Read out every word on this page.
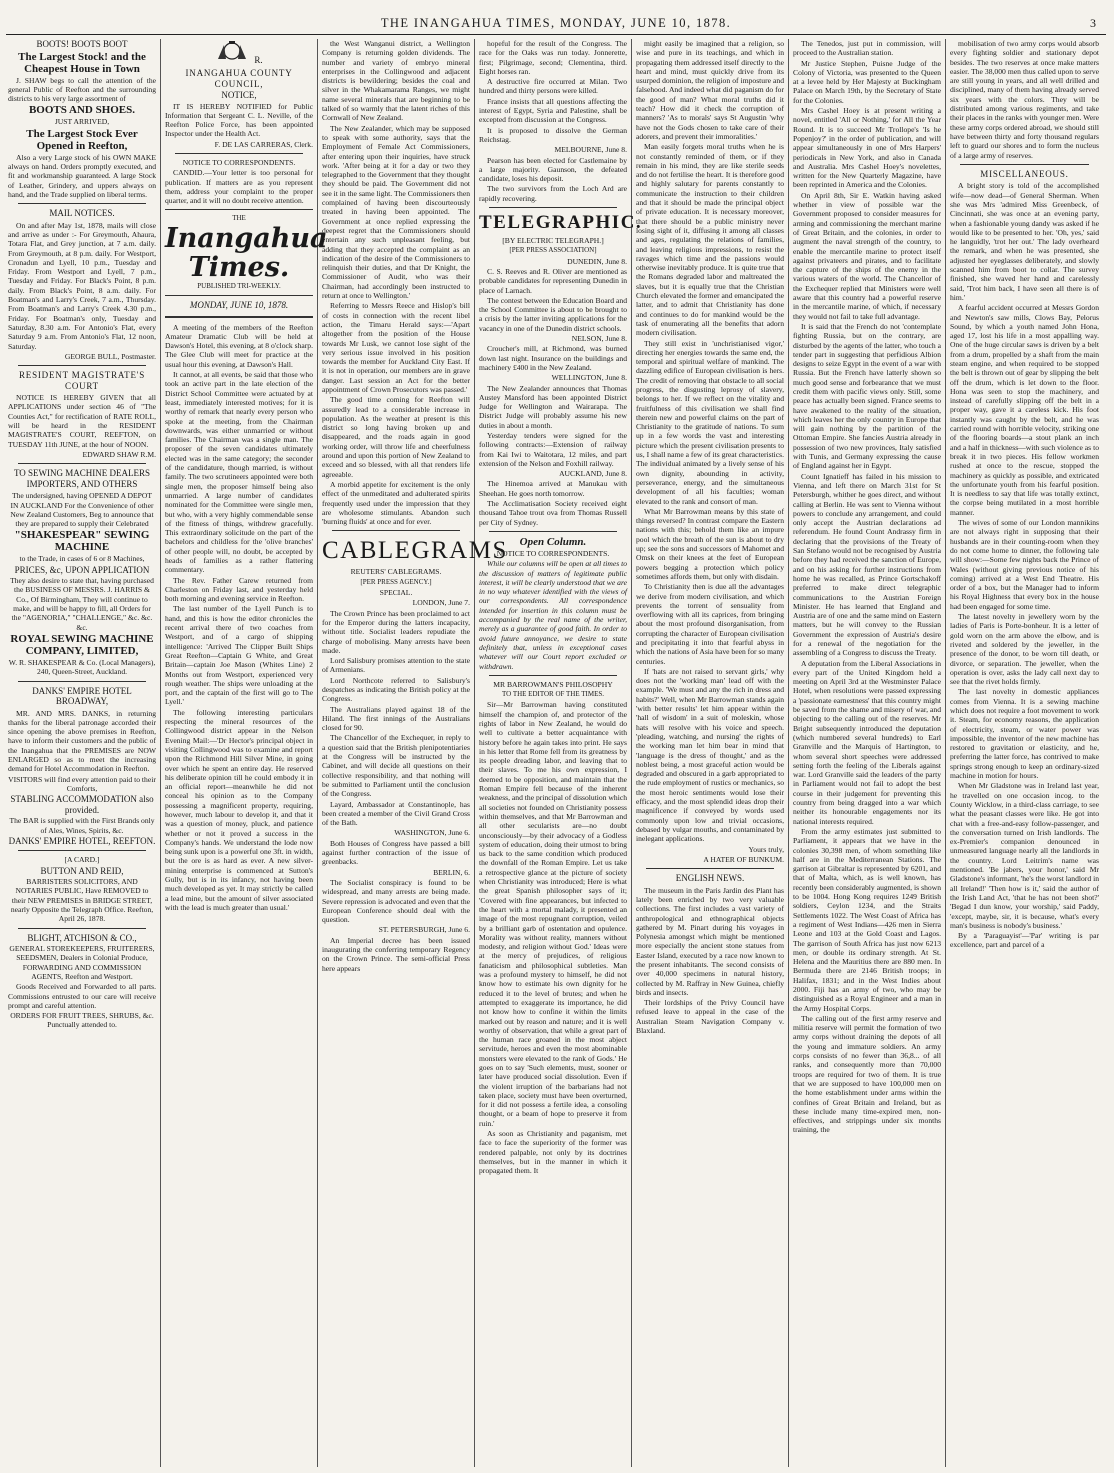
THE INANGAHUA TIMES, MONDAY, JUNE 10, 1878.	3

BOOTS! BOOTS BOOT

The Largest Stock! and the Cheapest House in Town

J. SHAW begs to call the attention of the general Public of Reefton and the surrounding districts to his very large assortment of

BOOTS AND SHOES.

JUST ARRIVED,

The Largest Stock Ever Opened in Reefton,

Also a very Large stock of his OWN MAKE always on hand. Orders promptly executed, and fit and workmanship guaranteed. A large Stock of Leather, Grindery, and uppers always on hand, and the Trade supplied on liberal terms.

MAIL NOTICES.

On and after May 1st, 1878, mails will close and arrive as under :- For Greymouth, Ahaura, Totara Flat, and Grey junction, at 7 a.m. daily. From Greymouth, at 8 p.m. daily. For Westport, Cronadun and Lyell, 10 p.m., Tuesday and Friday. From Westport and Lyell, 7 p.m., Tuesday and Friday. For Black's Point, 8 p.m. daily. From Black's Point, 8 a.m. daily. For Boatman's and Larry's Creek, 7 a.m., Thursday. From Boatman's and Larry's Creek 4.30 p.m., Friday. For Boatman's only, Tuesday and Saturday, 8.30 a.m. For Antonio's Flat, every Saturday 9 a.m. From Antonio's Flat, 12 noon, Saturday.

GEORGE BULL, Postmaster.

RESIDENT MAGISTRATE'S COURT

NOTICE IS HEREBY GIVEN that all APPLICATIONS under section 46 of "The Counties Act," for rectification of RATE ROLL, will be heard in the RESIDENT MAGISTRATE'S COURT, REEFTON, on TUESDAY 11th JUNE, at the hour of NOON.

EDWARD SHAW R.M.

TO SEWING MACHINE DEALERS IMPORTERS, AND OTHERS

The undersigned, having OPENED A DEPOT IN AUCKLAND For the Convenience of other New Zealand Customers, Beg to announce that they are prepared to supply their Celebrated

"SHAKESPEAR" SEWING MACHINE

to the Trade, in cases of 6 or 8 Machines,

PRICES, &c, UPON APPLICATION

They also desire to state that, having purchased the BUSINESS OF MESSRS. J. HARRIS & Co., Of Birmingham, They will continue to make, and will be happy to fill, all Orders for the "AGENORIA," "CHALLENGE," &c. &c. &c.

ROYAL SEWING MACHINE COMPANY, LIMITED,

W. R. SHAKESPEAR & Co. (Local Managers), 240, Queen-Street, Auckland.

DANKS' EMPIRE HOTEL BROADWAY,

MR. AND MRS. DANKS, in returning thanks for the liberal patronage accorded their since opening the above premises in Reefton, have to inform their customers and the public of the Inangahua that the PREMISES are NOW ENLARGED so as to meet the increasing demand for Hotel Accommodation in Reefton.

VISITORS will find every attention paid to their Comforts,

STABLING ACCOMMODATION also provided.

The BAR is supplied with the First Brands only of Ales, Wines, Spirits, &c.

DANKS' EMPIRE HOTEL, REEFTON.

[A CARD.]

BUTTON AND REID,

BARRISTERS SOLICITORS, AND NOTARIES PUBLIC, Have REMOVED to their NEW PREMISES in BRIDGE STREET, nearly Opposite the Telegraph Office. Reefton, April 26, 1878.

BLIGHT, ATCHISON & CO.,

GENERAL STOREKEEPERS, FRUITERERS, SEEDSMEN, Dealers in Colonial Produce, FORWARDING AND COMMISSION AGENTS, Reefton and Westport.

Goods Received and Forwarded to all parts. Commissions entrusted to our care will receive prompt and careful attention.

ORDERS FOR FRUIT TREES, SHRUBS, &c. Punctually attended to.

R.

INANGAHUA COUNTY COUNCIL,

NOTICE,

IT IS HEREBY NOTIFIED for Public Information that Sergeant C. L. Neville, of the Reefton Police Force, has been appointed Inspector under the Health Act.

F. DE LAS CARRERAS, Clerk.

NOTICE TO CORRESPONDENTS.

CANDID.—Your letter is too personal for publication. If matters are as you represent them, address your complaint to the proper quarter, and it will no doubt receive attention.

THE
Inangahua Times.
PUBLISHED TRI-WEEKLY.

MONDAY, JUNE 10, 1878.

A meeting of the members of the Reefton Amateur Dramatic Club will be held at Dawson's Hotel, this evening, at 8 o'clock sharp. The Glee Club will meet for practice at the usual hour this evening, at Dawson's Hall.

It cannot, at all events, be said that those who took an active part in the late election of the District School Committee were actuated by at least, immediately interested motives; for it is worthy of remark that nearly every person who spoke at the meeting, from the Chairman downwards, was either unmarried or without families. The Chairman was a single man. The proposer of the seven candidates ultimately elected was in the same category; the seconder of the candidature, though married, is without family. The two scrutineers appointed were both single men, the proposer himself being also unmarried. A large number of candidates nominated for the Committee were single men, but who, with a very highly commendable sense of the fitness of things, withdrew gracefully. This extraordinary solicitude on the part of the bachelors and childless for the 'olive branches' of other people will, no doubt, be accepted by heads of families as a rather flattering commentary.

The Rev. Father Carew returned from Charleston on Friday last, and yesterday held both morning and evening service in Reefton.

The last number of the Lyell Punch is to hand, and this is how the editor chronicles the recent arrival there of two coaches from Westport, and of a cargo of shipping intelligence: 'Arrived The Clipper Built Ships Great Reefton—Captain G White, and Great Britain—captain Joe Mason (Whites Line) 2 Months out from Westport, experienced very rough weather. The ships were unloading at the port, and the captain of the first will go to The Lyell.'

The following interesting particulars respecting the mineral resources of the Collingwood district appear in the Nelson Evening Mail:—'Dr Hector's principal object in visiting Collingwood was to examine and report upon the Richmond Hill Silver Mine, in going over which he spent an entire day. He reserved his deliberate opinion till he could embody it in an official report—meanwhile he did not conceal his opinion as to the Company possessing a magnificent property, requiring, however, much labour to develop it, and that it was a question of money, pluck, and patience whether or not it proved a success in the Company's hands. We understand the lode now being sunk upon is a powerful one 3ft. in width, but the ore is as hard as ever. A new silver-mining enterprise is commenced at Sutton's Gully, but is in its infancy, not having been much developed as yet. It may strictly be called a lead mine, but the amount of silver associated with the lead is much greater than usual.'

the West Wanganui district, a Wellington Company is returning golden dividends. The number and variety of embryo mineral enterprises in the Collingwood and adjacent districts is bewildering; besides the coal and silver in the Whakamarama Ranges, we might name several minerals that are beginning to be talked of so warmly that the latent riches of this Cornwall of New Zealand.

The New Zealander, which may be supposed to speak with some authority, says that the Employment of Female Act Commissioners, after entering upon their inquiries, have struck work. 'After being at it for a day or two they telegraphed to the Government that they thought they should be paid. The Government did not see it in the same light. The Commissioners then complained of having been discourteously treated in having been appointed. The Government at once replied expressing the deepest regret that the Commissioners should entertain any such unpleasant feeling, but adding that they accepted the complaint as an indication of the desire of the Commissioners to relinquish their duties, and that Dr Knight, the Commissioner of Audit, who was their Chairman, had accordingly been instructed to return at once to Wellington.'

Referring to Messrs Reece and Hislop's bill of costs in connection with the recent libel action, the Timaru Herald says:—'Apart altogether from the position of the House towards Mr Lusk, we cannot lose sight of the very serious issue involved in his position towards the member for Auckland City East. If it is not in operation, our members are in grave danger. Last session an Act for the better appointment of Crown Prosecutors was passed.'

The good time coming for Reefton will assuredly lead to a considerable increase in population. As the weather at present is this district so long having broken up and disappeared, and the roads again in good working order, will throw life and cheerfulness around and upon this portion of New Zealand to exceed and so blessed, with all that renders life agreeable.

A morbid appetite for excitement is the only effect of the unmeditated and adulterated spirits frequently used under the impression that they are wholesome stimulants. Abandon such 'burning fluids' at once and for ever.

CABLEGRAMS

REUTERS' CABLEGRAMS.

[PER PRESS AGENCY.]

SPECIAL.

LONDON, June 7.

The Crown Prince has been proclaimed to act for the Emperor during the latters incapacity, without title. Socialist leaders repudiate the charge of mobolising. Many arrests have been made.

Lord Salisbury promises attention to the state of Armenians.

Lord Northcote referred to Salisbury's despatches as indicating the British policy at the Congress.

The Australians played against 18 of the Hiland. The first innings of the Australians closed for 90.

The Chancellor of the Exchequer, in reply to a question said that the British plenipotentiaries at the Congress will be instructed by the Cabinet, and will decide all questions on their collective responsibility, and that nothing will be submitted to Parliament until the conclusion of the Congress.

Layard, Ambassador at Constantinople, has been created a member of the Civil Grand Cross of the Bath.

WASHINGTON, June 6.

Both Houses of Congress have passed a bill against further contraction of the issue of greenbacks.

BERLIN, 6.

The Socialist conspiracy is found to be widespread, and many arrests are being made. Severe repression is advocated and even that the European Conference should deal with the question.

ST. PETERSBURGH, June 6.

An Imperial decree has been issued inaugurating the conferring temporary Regency on the Crown Prince. The semi-official Press here appears

hopeful for the result of the Congress. The race for the Oaks was run today. Jonnerette, first; Pilgrimage, second; Clementina, third. Eight horses ran.

A destructive fire occurred at Milan. Two hundred and thirty persons were killed.

France insists that all questions affecting the interest of Egypt, Syria and Palestine, shall be excepted from discussion at the Congress.

It is proposed to dissolve the German Reichstag.

MELBOURNE, June 8.

Pearson has been elected for Castlemaine by a large majority. Gaunson, the defeated candidate, loses his deposit.

The two survivors from the Loch Ard are rapidly recovering.

TELEGRAPHIC.

[BY ELECTRIC TELEGRAPH.]

[PER PRESS ASSOCIATION]

DUNEDIN, June 8.

C. S. Reeves and R. Oliver are mentioned as probable candidates for representing Dunedin in place of Larnach.

The contest between the Education Board and the School Committee is about to be brought to a crisis by the latter inviting applications for the vacancy in one of the Dunedin district schools.

NELSON, June 8.

Croucher's mill, at Richmond, was burned down last night. Insurance on the buildings and machinery £400 in the New Zealand.

WELLINGTON, June 8.

The New Zealander announces that Thomas Austey Mansford has been appointed District Judge for Wellington and Wairarapa. The District Judge will probably assume his new duties in about a month.

Yesterday tenders were signed for the following contracts:—Extension of railway from Kai Iwi to Waitotara, 12 miles, and part extension of the Nelson and Foxhill railway.

AUCKLAND, June 8.

The Hinemoa arrived at Manukau with Sheehan. He goes north tomorrow.

The Acclimatisation Society received eight thousand Tahoe trout ova from Thomas Russell per City of Sydney.

Open Column.

NOTICE TO CORRESPONDENTS.

While our columns will be open at all times to the discussion of matters of legitimate public interest, it will be clearly understood that we are in no way whatever identified with the views of our correspondents. All correspondence intended for insertion in this column must be accompanied by the real name of the writer, merely as a guarantee of good faith. In order to avoid future annoyance, we desire to state definitely that, unless in exceptional cases whatever will our Court report excluded or withdrawn.

MR BARROWMAN'S PHILOSOPHY

TO THE EDITOR OF THE TIMES.

Sir—Mr Barrowman having constituted himself the champion of, and protector of the rights of labor in New Zealand, he would do well to cultivate a better acquaintance with history before he again takes into print. He says in his letter that Rome fell from its greatness by its people dreading labor, and leaving that to their slaves. To me his own expression, I deemed to be opposition, and maintain that the Roman Empire fell because of the inherent weakness, and the principal of dissolution which all societies not founded on Christianity possess within themselves, and that Mr Barrowman and all other secularists are—no doubt unconsciously—by their advocacy of a Godless system of education, doing their utmost to bring us back to the same condition which produced the downfall of the Roman Empire. Let us take a retrospective glance at the picture of society when Christianity was introduced; Here is what the great Spanish philosopher says of it; 'Covered with fine appearances, but infected to the heart with a mortal malady, it presented an image of the most repugnant corruption, veiled by a brilliant garb of ostentation and opulence. Morality was without reality, manners without modesty, and religion without God.' Ideas were at the mercy of prejudices, of religious fanaticism and philosophical subtleties. Man was a profound mystery to himself, he did not know how to estimate his own dignity for he reduced it to the level of brutes; and when he attempted to exaggerate its importance, he did not know how to confine it within the limits marked out by reason and nature; and it is well worthy of observation, that while a great part of the human race groaned in the most abject servitude, heroes and even the most abominable monsters were elevated to the rank of Gods.' He goes on to say 'Such elements, must, sooner or later have produced social dissolution. Even if the violent irruption of the barbarians had not taken place, society must have been overturned, for it did not possess a fertile idea, a consoling thought, or a beam of hope to preserve it from ruin.'

As soon as Christianity and paganism, met face to face the superiority of the former was rendered palpable, not only by its doctrines themselves, but in the manner in which it propagated them. It

might easily be imagined that a religion, so wise and pure in its teachings, and which in propagating them addressed itself directly to the heart and mind, must quickly drive from its usurped dominion, the religion of imposture and falsehood. And indeed what did paganism do for the good of man? What moral truths did it teach? How did it check the corruption of manners? 'As to morals' says St Augustin 'why have not the Gods chosen to take care of their adorers, and prevent their immoralities.'

Man easily forgets moral truths when he is not constantly reminded of them, or if they remain in his mind, they are like sterile seeds and do not fertilise the heart. It is therefore good and highly salutary for parents constantly to communicate the instruction to their children and that it should be made the principal object of private education. It is necessary moreover, that there should be a public ministry never losing sight of it, diffusing it among all classes and ages, regulating the relations of families, and leaving religious impressions, to resist the ravages which time and the passions would otherwise inevitably produce. It is quite true that the Romans degraded labor and maltreated the slaves, but it is equally true that the Christian Church elevated the former and emancipated the latter, and to admit that Christianity has done and continues to do for mankind would be the task of enumerating all the benefits that adorn modern civilisation.

They still exist in 'unchristianised vigor,' directing her energies towards the same end, the temporal and spiritual welfare of mankind. The dazzling edifice of European civilisation is hers. The credit of removing that obstacle to all social progress, the disgusting leprosy of slavery, belongs to her. If we reflect on the vitality and fruitfulness of this civilisation we shall find therein new and powerful claims on the part of Christianity to the gratitude of nations. To sum up in a few words the vast and interesting picture which the present civilisation presents to us, I shall name a few of its great characteristics. The individual animated by a lively sense of his own dignity, abounding in activity, perseverance, energy, and the simultaneous development of all his faculties; woman elevated to the rank and consort of man.

What Mr Barrowman means by this state of things reversed? In contrast compare the Eastern nations with this; behold them like an impure pool which the breath of the sun is about to dry up; see the sons and successors of Mahomet and Omsk on their knees at the feet of European powers begging a protection which policy sometimes affords them, but only with disdain.

To Christianity then is due all the advantages we derive from modern civilisation, and which prevents the torrent of sensuality from overflowing with all its caprices, from bringing about the most profound disorganisation, from corrupting the character of European civilisation and precipitating it into that fearful abyss in which the nations of Asia have been for so many centuries.

If 'hats are not raised to servant girls,' why does not the 'working man' lead off with the example. 'We must and any the rich in dress and habits?' Well, when Mr Barrowman stands again 'with better results' let him appear within the 'hall of wisdom' in a suit of moleskin, whose hats will resolve with his voice and speech. 'pleading, watching, and nursing' the rights of the working man let him bear in mind that 'language is the dress of thought,' and as the noblest being, a most graceful action would be degraded and obscured in a garb appropriated to the rude employment of rustics or mechanics, so the most heroic sentiments would lose their efficacy, and the most splendid ideas drop their magnificence if conveyed by words used commonly upon low and trivial occasions, debased by vulgar mouths, and contaminated by inelegant applications.

Yours truly,

A HATER OF BUNKUM.

ENGLISH NEWS.

The museum in the Paris Jardin des Plant has lately been enriched by two very valuable collections. The first includes a vast variety of anthropological and ethnographical objects gathered by M. Pinart during his voyages in Polynesia amongst which might be mentioned more especially the ancient stone statues from Easter Island, executed by a race now known to the present inhabitants. The second consists of over 40,000 specimens in natural history, collected by M. Raffray in New Guinea, chiefly birds and insects.

Their lordships of the Privy Council have refused leave to appeal in the case of the Australian Steam Navigation Company v. Blaxland.

The Tenedos, just put in commission, will proceed to the Australian station.

Mr Justice Stephen, Puisne Judge of the Colony of Victoria, was presented to the Queen at a levee held by Her Majesty at Buckingham Palace on March 19th, by the Secretary of State for the Colonies.

Mrs Cashel Hoey is at present writing a novel, entitled 'All or Nothing,' for All the Year Round. It is to succeed Mr Trollope's 'Is he Popenjoy?' in the order of publication, and will appear simultaneously in one of Mrs Harpers' periodicals in New York, and also in Canada and Australia. Mrs Cashel Hoey's novelettes, written for the New Quarterly Magazine, have been reprinted in America and the Colonies.

On April 8th, Sir E. Watkin having asked whether in view of possible war the Government proposed to consider measures for arming and commissioning the merchant marine of Great Britain, and the colonies, in order to augment the naval strength of the country, to enable the mercantile marine to protect itself against privateers and pirates, and to facilitate the capture of the ships of the enemy in the various waters of the world. The Chancellor of the Exchequer replied that Ministers were well aware that this country had a powerful reserve in the mercantile marine, of which, if necessary they would not fail to take full advantage.

It is said that the French do not 'contemplate fighting Russia, but on the contrary, are disturbed by the agents of the latter, who touch a tender part in suggesting that perfidious Albion designs to seize Egypt in the event of a war with Russia. But the French have latterly shown so much good sense and forbearance that we must credit them with pacific views only. Still, some peace has actually been signed. France seems to have awakened to the reality of the situation, which leaves her the only country in Europe that will gain nothing by the partition of the Ottoman Empire. She fancies Austria already in possession of two new provinces, Italy satisfied with Tunis, and Germany expressing the cause of England against her in Egypt.

Count Ignatieff has failed in his mission to Vienna, and left there on March 31st for St Petersburgh, whither he goes direct, and without calling at Berlin. He was sent to Vienna without powers to conclude any arrangement, and could only accept the Austrian declarations ad referendum. He found Count Andrassy firm in declaring that the provisions of the Treaty of San Stefano would not be recognised by Austria before they had received the sanction of Europe, and on his asking for further instructions from home he was recalled, as Prince Gortschakoff preferred to make direct telegraphic communications to the Austrian Foreign Minister. He has learned that England and Austria are of one and the same mind on Eastern matters, but he will convey to the Russian Government the expression of Austria's desire for a renewal of the negotiation for the assembling of a Congress to discuss the Treaty.

A deputation from the Liberal Associations in every part of the United Kingdom held a meeting on April 3rd at the Westminster Palace Hotel, when resolutions were passed expressing a 'passionate earnestness' that this country might be saved from the shame and misery of war, and objecting to the calling out of the reserves. Mr Bright subsequently introduced the deputation (which numbered several hundreds) to Earl Granville and the Marquis of Hartington, to whom several short speeches were addressed setting forth the feeling of the Liberals against war. Lord Granville said the leaders of the party in Parliament would not fail to adopt the best course in their judgement for preventing this country from being dragged into a war which neither its honourable engagements nor its national interests required.

From the army estimates just submitted to Parliament, it appears that we have in the colonies 30,398 men, of whom something like half are in the Mediterranean Stations. The garrison at Gibraltar is represented by 6201, and that of Malta, which, as is well known, has recently been considerably augmented, is shown to be 1004. Hong Kong requires 1249 British soldiers, Ceylon 1234, and the Straits Settlements 1022. The West Coast of Africa has a regiment of West Indians—426 men in Sierra Leone and 103 at the Gold Coast and Lagos. The garrison of South Africa has just now 6213 men, or double its ordinary strength. At St. Helena and the Mauritius there are 880 men. In Bermuda there are 2146 British troops; in Halifax, 1831; and in the West Indies about 2000. Fiji has an army of two, who may be distinguished as a Royal Engineer and a man in the Army Hospital Corps.

The calling out of the first army reserve and militia reserve will permit the formation of two army corps without draining the depots of all the young and immature soldiers. An army corps consists of no fewer than 36,8... of all ranks, and consequently more than 70,000 troops are required for two of them. It is true that we are supposed to have 100,000 men on the home establishment under arms within the confines of Great Britain and Ireland, but as these include many time-expired men, non-effectives, and strippings under six months training, the

mobilisation of two army corps would absorb every fighting soldier and stationary depot besides. The two reserves at once make matters easier. The 38,000 men thus called upon to serve are still young in years, and all well drilled and disciplined, many of them having already served six years with the colors. They will be distributed among various regiments, and take their places in the ranks with younger men. Were these army corps ordered abroad, we should still have between thirty and forty thousand regulars left to guard our shores and to form the nucleus of a large army of reserves.

MISCELLANEOUS.

A bright story is told of the accomplished wife—now dead—of General Sherman. When she was Mrs 'admired Miss Greenbeck, of Cincinnati, she was once at an evening party, when a fashionable young dandy was asked if he would like to be presented to her. 'Oh, yes,' said he languidly, 'trot her out.' The lady overheard the remark, and when he was presented, she adjusted her eyeglasses deliberately, and slowly scanned him from boot to collar. The survey finished, she waved her hand and carelessly said, 'Trot him back, I have seen all there is of him.'

A fearful accident occurred at Messrs Gordon and Newton's saw mills, Clows Bay, Pelorus Sound, by which a youth named John Hona, aged 17, lost his life in a most appalling way. One of the huge circular saws is driven by a belt from a drum, propelled by a shaft from the main steam engine, and when required to be stopped the belt is thrown out of gear by slipping the belt off the drum, which is let down to the floor. Hona was seen to stop the machinery, and instead of carefully slipping off the belt in a proper way, gave it a careless kick. His foot instantly was caught by the belt, and he was carried round with horrible velocity, striking one of the flooring boards—a stout plank an inch and a half in thickness—with such violence as to break it in two pieces. His fellow workmen rushed at once to the rescue, stopped the machinery as quickly as possible, and extricated the unfortunate youth from his fearful position. It is needless to say that life was totally extinct, the corpse being mutilated in a most horrible manner.

The wives of some of our London mannikins are not always right in supposing that their husbands are in their counting-room when they do not come home to dinner, the following tale will show:—Some few nights back the Prince of Wales (without giving previous notice of his coming) arrived at a West End Theatre. His order of a box, but the Manager had to inform his Royal Highness that every box in the house had been engaged for some time.

The latest novelty in jewellery worn by the ladies of Paris is Porte-bonheur. It is a letter of gold worn on the arm above the elbow, and is riveted and soldered by the jeweller, in the presence of the donor, to be worn till death, or divorce, or separation. The jeweller, when the operation is over, asks the lady call next day to see that the rivet holds firmly.

The last novelty in domestic appliances comes from Vienna. It is a sewing machine which does not require a foot movement to work it. Steam, for economy reasons, the application of electricity, steam, or water power was impossible, the inventor of the new machine has restored to gravitation or elasticity, and he, preferring the latter force, has contrived to make springs strong enough to keep an ordinary-sized machine in motion for hours.

When Mr Gladstone was in Ireland last year, he travelled on one occasion incog. to the County Wicklow, in a third-class carriage, to see what the peasant classes were like. He got into chat with a free-and-easy follow-passenger, and the conversation turned on Irish landlords. The ex-Premier's companion denounced in unmeasured language nearly all the landlords in the country. Lord Leitrim's name was mentioned. 'Be jabers, your honor,' said Mr Gladstone's informant, 'he's the worst landlord in all Ireland!' 'Then how is it,' said the author of the Irish Land Act, 'that he has not been shot?' 'Begad I dun know, your worship,' said Paddy, 'except, maybe, sir, it is because, what's every man's business is nobody's business.'

By a 'Paraguayist'—'Par' writing is par excellence, part and parcel of a
